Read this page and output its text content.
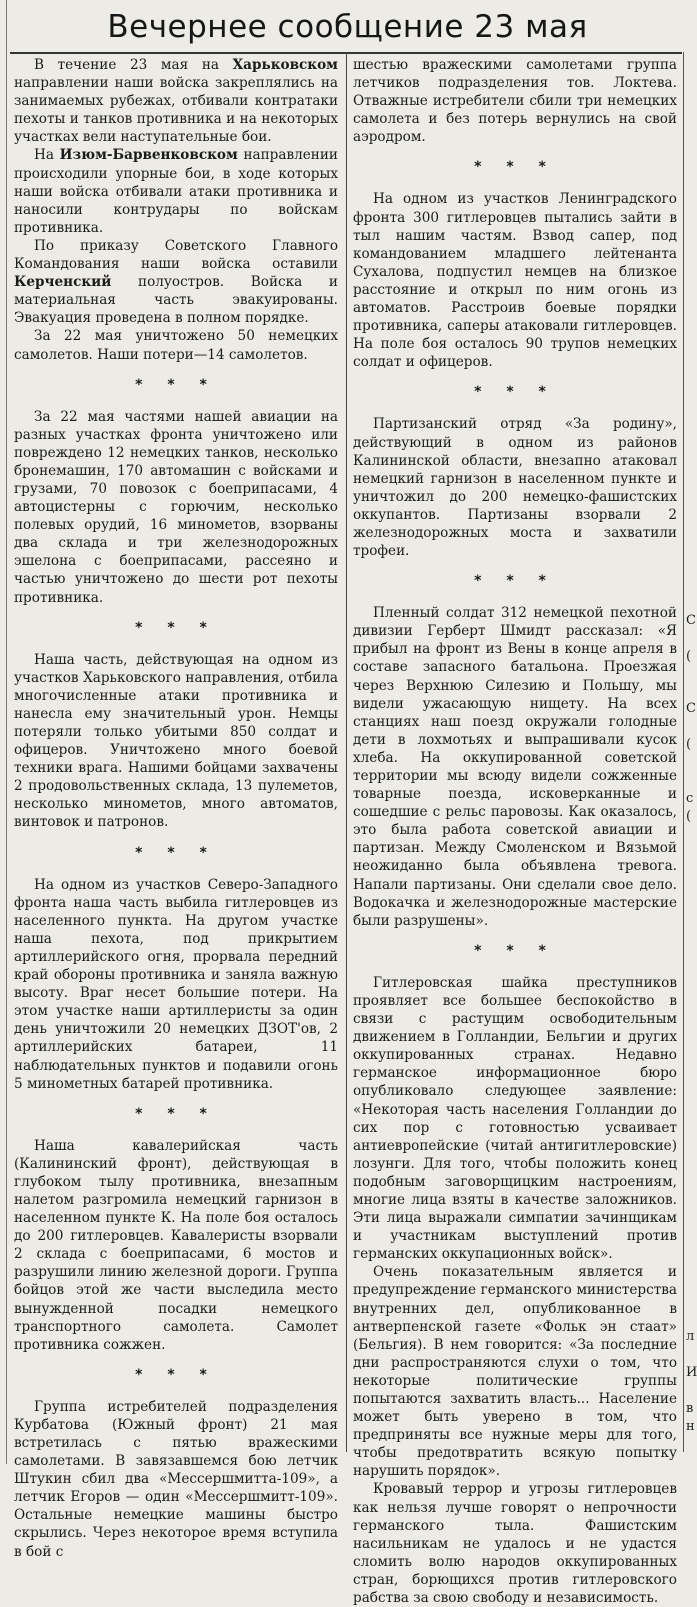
Вечернее сообщение 23 мая

В течение 23 мая на Харьковском направлении наши войска закреплялись на занимаемых рубежах, отбивали контратаки пехоты и танков противника и на некоторых участках вели наступательные бои.

На Изюм-Барвенковском направлении происходили упорные бои, в ходе которых наши войска отбивали атаки противника и наносили контрудары по войскам противника.

По приказу Советского Главного Командования наши войска оставили Керченский полуостров. Войска и материальная часть эвакуированы. Эвакуация проведена в полном порядке.

За 22 мая уничтожено 50 немецких самолетов. Наши потери—14 самолетов.

* * *

За 22 мая частями нашей авиации на разных участках фронта уничтожено или повреждено 12 немецких танков, несколько бронемашин, 170 автомашин с войсками и грузами, 70 повозок с боеприпасами, 4 автоцистерны с горючим, несколько полевых орудий, 16 минометов, взорваны два склада и три железнодорожных эшелона с боеприпасами, рассеяно и частью уничтожено до шести рот пехоты противника.

* * *

Наша часть, действующая на одном из участков Харьковского направления, отбила многочисленные атаки противника и нанесла ему значительный урон. Немцы потеряли только убитыми 850 солдат и офицеров. Уничтожено много боевой техники врага. Нашими бойцами захвачены 2 продовольственных склада, 13 пулеметов, несколько минометов, много автоматов, винтовок и патронов.

* * *

На одном из участков Северо-Западного фронта наша часть выбила гитлеровцев из населенного пункта. На другом участке наша пехота, под прикрытием артиллерийского огня, прорвала передний край обороны противника и заняла важную высоту. Враг несет большие потери. На этом участке наши артиллеристы за один день уничтожили 20 немецких ДЗОТ'ов, 2 артиллерийских батареи, 11 наблюдательных пунктов и подавили огонь 5 минометных батарей противника.

* * *

Наша кавалерийская часть (Калининский фронт), действующая в глубоком тылу противника, внезапным налетом разгромила немецкий гарнизон в населенном пункте К. На поле боя осталось до 200 гитлеровцев. Кавалеристы взорвали 2 склада с боеприпасами, 6 мостов и разрушили линию железной дороги. Группа бойцов этой же части выследила место вынужденной посадки немецкого транспортного самолета. Самолет противника сожжен.

* * *

Группа истребителей подразделения Курбатова (Южный фронт) 21 мая встретилась с пятью вражескими самолетами. В завязавшемся бою летчик Штукин сбил два «Мессершмитта-109», а летчик Егоров — один «Мессершмитт-109». Остальные немецкие машины быстро скрылись. Через некоторое время вступила в бой с

шестью вражескими самолетами группа летчиков подразделения тов. Локтева. Отважные истребители сбили три немецких самолета и без потерь вернулись на свой аэродром.

* * *

На одном из участков Ленинградского фронта 300 гитлеровцев пытались зайти в тыл нашим частям. Взвод сапер, под командованием младшего лейтенанта Сухалова, подпустил немцев на близкое расстояние и открыл по ним огонь из автоматов. Расстроив боевые порядки противника, саперы атаковали гитлеровцев. На поле боя осталось 90 трупов немецких солдат и офицеров.

* * *

Партизанский отряд «За родину», действующий в одном из районов Калининской области, внезапно атаковал немецкий гарнизон в населенном пункте и уничтожил до 200 немецко-фашистских оккупантов. Партизаны взорвали 2 железнодорожных моста и захватили трофеи.

* * *

Пленный солдат 312 немецкой пехотной дивизии Герберт Шмидт рассказал: «Я прибыл на фронт из Вены в конце апреля в составе запасного батальона. Проезжая через Верхнюю Силезию и Польшу, мы видели ужасающую нищету. На всех станциях наш поезд окружали голодные дети в лохмотьях и выпрашивали кусок хлеба. На оккупированной советской территории мы всюду видели сожженные товарные поезда, исковерканные и сошедшие с рельс паровозы. Как оказалось, это была работа советской авиации и партизан. Между Смоленском и Вязьмой неожиданно была объявлена тревога. Напали партизаны. Они сделали свое дело. Водокачка и железнодорожные мастерские были разрушены».

* * *

Гитлеровская шайка преступников проявляет все большее беспокойство в связи с растущим освободительным движением в Голландии, Бельгии и других оккупированных странах. Недавно германское информационное бюро опубликовало следующее заявление: «Некоторая часть населения Голландии до сих пор с готовностью усваивает антиевропейские (читай антигитлеровские) лозунги. Для того, чтобы положить конец подобным заговорщицким настроениям, многие лица взяты в качестве заложников. Эти лица выражали симпатии зачинщикам и участникам выступлений против германских оккупационных войск».

Очень показательным является и предупреждение германского министерства внутренних дел, опубликованное в антверпенской газете «Фольк эн стаат» (Бельгия). В нем говорится: «За последние дни распространяются слухи о том, что некоторые политические группы попытаются захватить власть... Население может быть уверено в том, что предприняты все нужные меры для того, чтобы предотвратить всякую попытку нарушить порядок».

Кровавый террор и угрозы гитлеровцев как нельзя лучше говорят о непрочности германского тыла. Фашистским насильникам не удалось и не удастся сломить волю народов оккупированных стран, борющихся против гитлеровского рабства за свою свободу и независимость.

C
(
C
(
с
(
л
И
в
н
